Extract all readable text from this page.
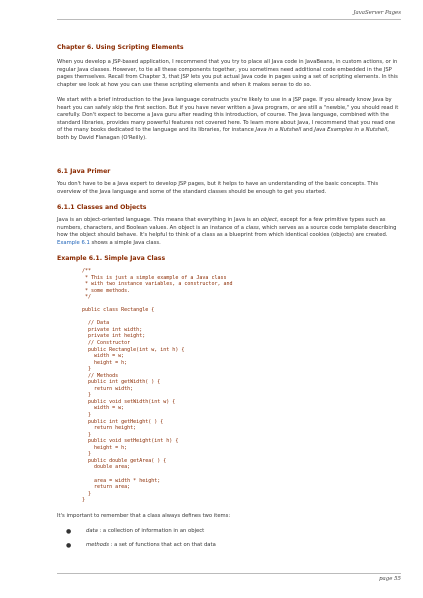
JavaServer Pages
Chapter 6. Using Scripting Elements

When you develop a JSP-based application, I recommend that you try to place all Java code in JavaBeans, in custom actions, or in regular Java classes. However, to tie all these components together, you sometimes need additional code embedded in the JSP pages themselves. Recall from Chapter 3, that JSP lets you put actual Java code in pages using a set of scripting elements. In this chapter we look at how you can use these scripting elements and when it makes sense to do so.

We start with a brief introduction to the Java language constructs you're likely to use in a JSP page. If you already know Java by heart you can safely skip the first section. But if you have never written a Java program, or are still a "newbie," you should read it carefully. Don't expect to become a Java guru after reading this introduction, of course. The Java language, combined with the standard libraries, provides many powerful features not covered here. To learn more about Java, I recommend that you read one of the many books dedicated to the language and its libraries, for instance Java in a Nutshell and Java Examples in a Nutshell, both by David Flanagan (O'Reilly).

6.1 Java Primer

You don't have to be a Java expert to develop JSP pages, but it helps to have an understanding of the basic concepts. This overview of the Java language and some of the standard classes should be enough to get you started.

6.1.1 Classes and Objects

Java is an object-oriented language. This means that everything in Java is an object, except for a few primitive types such as numbers, characters, and Boolean values. An object is an instance of a class, which serves as a source code template describing how the object should behave. It's helpful to think of a class as a blueprint from which identical cookies (objects) are created. Example 6.1 shows a simple Java class.

Example 6.1. Simple Java Class
/**
* This is just a simple example of a Java class
* with two instance variables, a constructor, and
* some methods.
*/

public class Rectangle {

// Data
private int width;
private int height;
// Constructor
public Rectangle(int w, int h) {
width = w;
height = h;
}
// Methods
public int getWidth( ) {
return width;
}
public void setWidth(int w) {
width = w;
}
public int getHeight( ) {
return height;
}
public void setHeight(int h) {
height = h;
}
public double getArea( ) {
double area;

area = width * height;
return area;
}
}

It's important to remember that a class always defines two items:

●	data : a collection of information in an object
●	methods : a set of functions that act on that data
page 55
